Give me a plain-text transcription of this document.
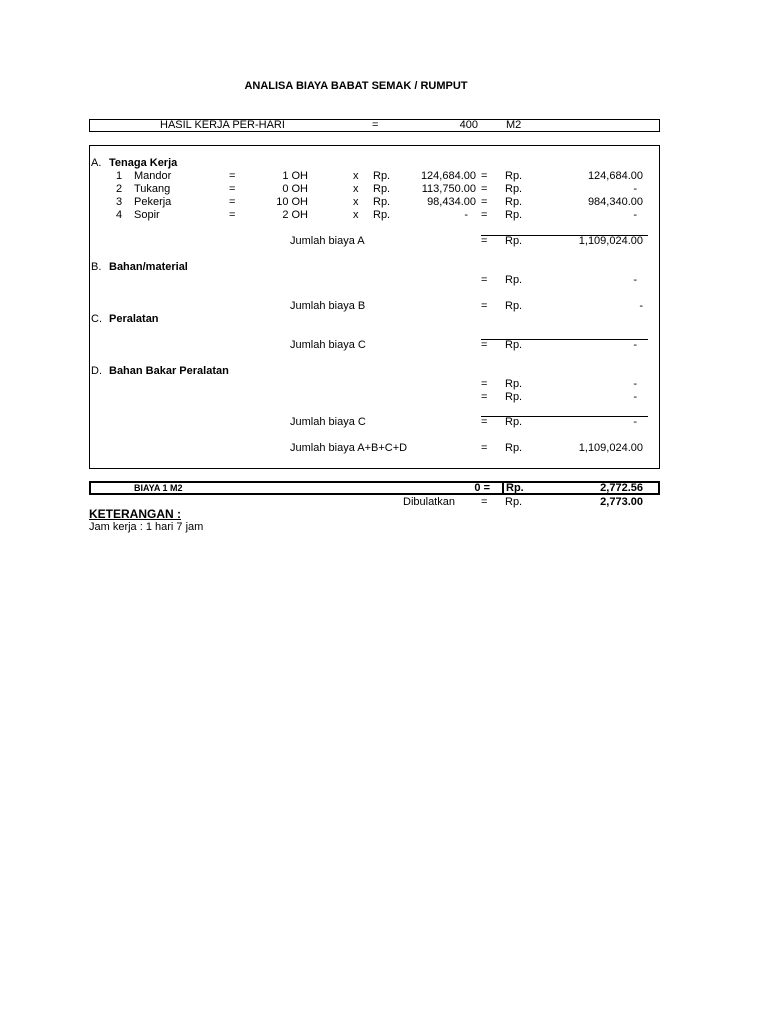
ANALISA BIAYA BABAT SEMAK / RUMPUT
HASIL KERJA PER-HARI	=	400	M2
A. Tenaga Kerja
1 Mandor	=	1 OH	x Rp.	124,684.00 = Rp.	124,684.00
2 Tukang	=	0 OH	x Rp.	113,750.00 = Rp.	-
3 Pekerja	=	10 OH	x Rp.	98,434.00 = Rp.	984,340.00
4 Sopir	=	2 OH	x Rp.	- = Rp.	-
Jumlah biaya A	= Rp.	1,109,024.00
B. Bahan/material
= Rp.	-
Jumlah biaya B	= Rp.	-
C. Peralatan
Jumlah biaya C	= Rp.	-
D. Bahan Bakar Peralatan
= Rp.	-
= Rp.	-
Jumlah biaya C	= Rp.	-
Jumlah biaya A+B+C+D	= Rp.	1,109,024.00
BIAYA 1 M2	0 = Rp.	2,772.56
Dibulatkan = Rp.	2,773.00
KETERANGAN :
Jam kerja : 1 hari 7 jam
